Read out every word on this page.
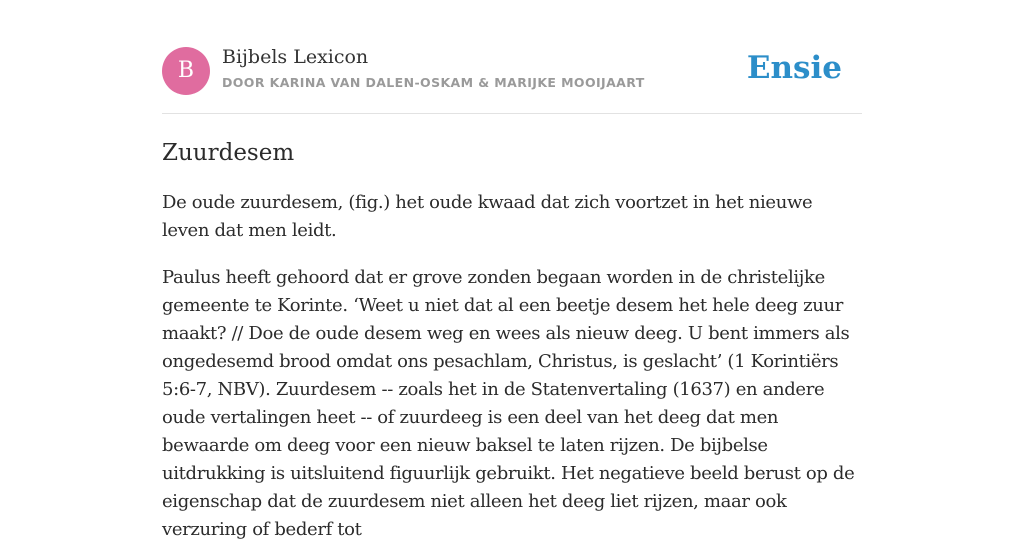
B
Bijbels Lexicon
DOOR KARINA VAN DALEN-OSKAM & MARIJKE MOOIJAART	Ensie
Zuurdesem

De oude zuurdesem, (fig.) het oude kwaad dat zich voortzet in het nieuwe leven dat men leidt.

Paulus heeft gehoord dat er grove zonden begaan worden in de christelijke gemeente te Korinte. ‘Weet u niet dat al een beetje desem het hele deeg zuur maakt? // Doe de oude desem weg en wees als nieuw deeg. U bent immers als ongedesemd brood omdat ons pesachlam, Christus, is geslacht’ (1 Korintiërs 5:6-7, NBV). Zuurdesem -- zoals het in de Statenvertaling (1637) en andere oude vertalingen heet -- of zuurdeeg is een deel van het deeg dat men bewaarde om deeg voor een nieuw baksel te laten rijzen. De bijbelse uitdrukking is uitsluitend figuurlijk gebruikt. Het negatieve beeld berust op de eigenschap dat de zuurdesem niet alleen het deeg liet rijzen, maar ook verzuring of bederf tot
